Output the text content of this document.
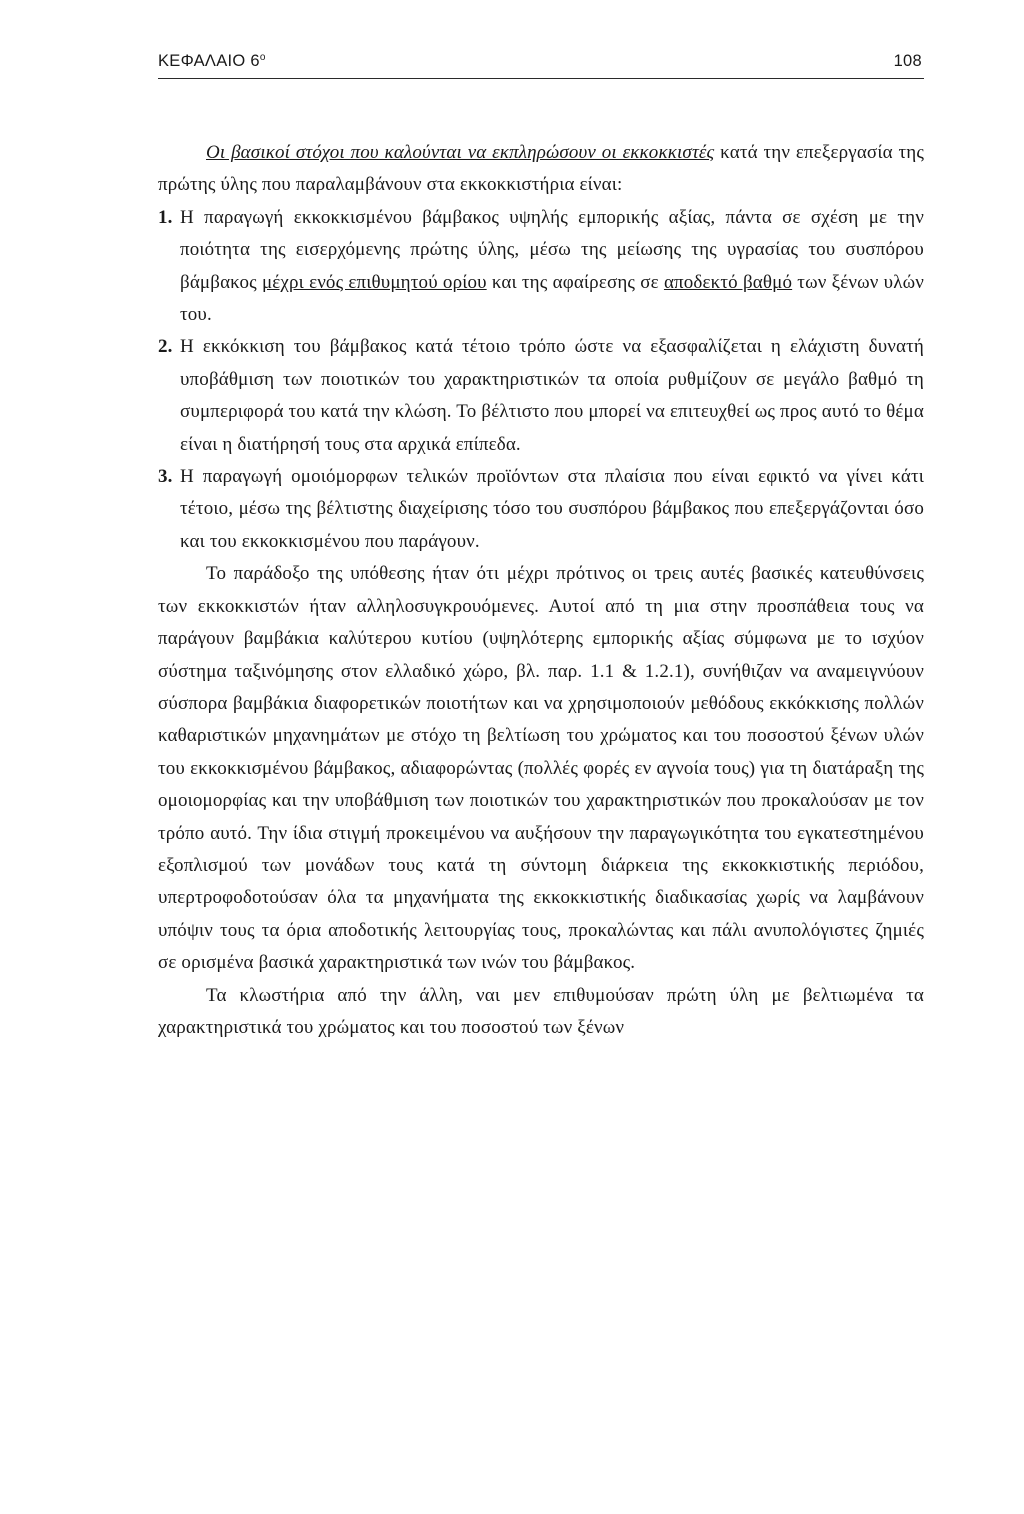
ΚΕΦΑΛΑΙΟ $6^o$	108

Οι βασικοί στόχοι που καλούνται να εκπληρώσουν οι εκκοκκιστές κατά την επεξεργασία της πρώτης ύλης που παραλαμβάνουν στα εκκοκκιστήρια είναι:

1. Η παραγωγή εκκοκκισμένου βάμβακος υψηλής εμπορικής αξίας, πάντα σε σχέση με την ποιότητα της εισερχόμενης πρώτης ύλης, μέσω της μείωσης της υγρασίας του συσπόρου βάμβακος μέχρι ενός επιθυμητού ορίου και της αφαίρεσης σε αποδεκτό βαθμό των ξένων υλών του.

2. Η εκκόκκιση του βάμβακος κατά τέτοιο τρόπο ώστε να εξασφαλίζεται η ελάχιστη δυνατή υποβάθμιση των ποιοτικών του χαρακτηριστικών τα οποία ρυθμίζουν σε μεγάλο βαθμό τη συμπεριφορά του κατά την κλώση. Το βέλτιστο που μπορεί να επιτευχθεί ως προς αυτό το θέμα είναι η διατήρησή τους στα αρχικά επίπεδα.

3. Η παραγωγή ομοιόμορφων τελικών προϊόντων στα πλαίσια που είναι εφικτό να γίνει κάτι τέτοιο, μέσω της βέλτιστης διαχείρισης τόσο του συσπόρου βάμβακος που επεξεργάζονται όσο και του εκκοκκισμένου που παράγουν.

Το παράδοξο της υπόθεσης ήταν ότι μέχρι πρότινος οι τρεις αυτές βασικές κατευθύνσεις των εκκοκκιστών ήταν αλληλοσυγκρουόμενες. Αυτοί από τη μια στην προσπάθεια τους να παράγουν βαμβάκια καλύτερου κυτίου (υψηλότερης εμπορικής αξίας σύμφωνα με το ισχύον σύστημα ταξινόμησης στον ελλαδικό χώρο, βλ. παρ. 1.1 & 1.2.1), συνήθιζαν να αναμειγνύουν σύσπορα βαμβάκια διαφορετικών ποιοτήτων και να χρησιμοποιούν μεθόδους εκκόκκισης πολλών καθαριστικών μηχανημάτων με στόχο τη βελτίωση του χρώματος και του ποσοστού ξένων υλών του εκκοκκισμένου βάμβακος, αδιαφορώντας (πολλές φορές εν αγνοία τους) για τη διατάραξη της ομοιομορφίας και την υποβάθμιση των ποιοτικών του χαρακτηριστικών που προκαλούσαν με τον τρόπο αυτό. Την ίδια στιγμή προκειμένου να αυξήσουν την παραγωγικότητα του εγκατεστημένου εξοπλισμού των μονάδων τους κατά τη σύντομη διάρκεια της εκκοκκιστικής περιόδου, υπερτροφοδοτούσαν όλα τα μηχανήματα της εκκοκκιστικής διαδικασίας χωρίς να λαμβάνουν υπόψιν τους τα όρια αποδοτικής λειτουργίας τους, προκαλώντας και πάλι ανυπολόγιστες ζημιές σε ορισμένα βασικά χαρακτηριστικά των ινών του βάμβακος.

Τα κλωστήρια από την άλλη, ναι μεν επιθυμούσαν πρώτη ύλη με βελτιωμένα τα χαρακτηριστικά του χρώματος και του ποσοστού των ξένων
